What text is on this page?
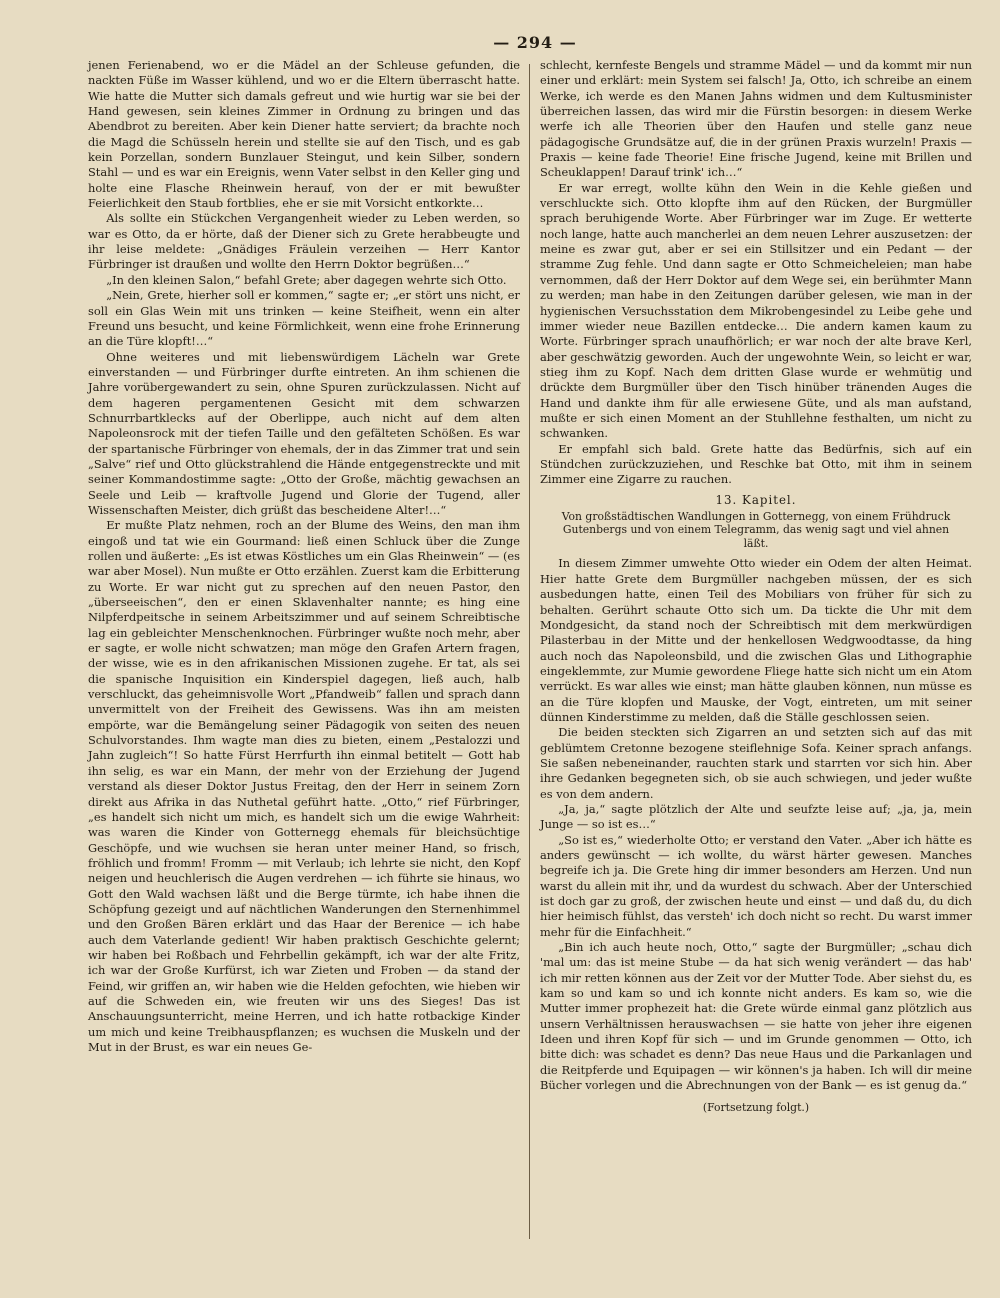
— 294 —

jenen Ferienabend, wo er die Mädel an der Schleuse gefunden, die nackten Füße im Wasser kühlend, und wo er die Eltern überrascht hatte. Wie hatte die Mutter sich damals gefreut und wie hurtig war sie bei der Hand gewesen, sein kleines Zimmer in Ordnung zu bringen und das Abendbrot zu bereiten. Aber kein Diener hatte serviert; da brachte noch die Magd die Schüsseln herein und stellte sie auf den Tisch, und es gab kein Porzellan, sondern Bunzlauer Steingut, und kein Silber, sondern Stahl — und es war ein Ereignis, wenn Vater selbst in den Keller ging und holte eine Flasche Rheinwein herauf, von der er mit bewußter Feierlichkeit den Staub fortblies, ehe er sie mit Vorsicht entkorkte…

Als sollte ein Stückchen Vergangenheit wieder zu Leben werden, so war es Otto, da er hörte, daß der Diener sich zu Grete herabbeugte und ihr leise meldete: „Gnädiges Fräulein verzeihen — Herr Kantor Fürbringer ist draußen und wollte den Herrn Doktor begrüßen…“

„In den kleinen Salon,“ befahl Grete; aber dagegen wehrte sich Otto.

„Nein, Grete, hierher soll er kommen,“ sagte er; „er stört uns nicht, er soll ein Glas Wein mit uns trinken — keine Steifheit, wenn ein alter Freund uns besucht, und keine Förmlichkeit, wenn eine frohe Erinnerung an die Türe klopft!…“

Ohne weiteres und mit liebenswürdigem Lächeln war Grete einverstanden — und Fürbringer durfte eintreten. An ihm schienen die Jahre vorübergewandert zu sein, ohne Spuren zurückzulassen. Nicht auf dem hageren pergamentenen Gesicht mit dem schwarzen Schnurrbartklecks auf der Oberlippe, auch nicht auf dem alten Napoleonsrock mit der tiefen Taille und den gefälteten Schößen. Es war der spartanische Fürbringer von ehemals, der in das Zimmer trat und sein „Salve“ rief und Otto glückstrahlend die Hände entgegenstreckte und mit seiner Kommandostimme sagte: „Otto der Große, mächtig gewachsen an Seele und Leib — kraftvolle Jugend und Glorie der Tugend, aller Wissenschaften Meister, dich grüßt das bescheidene Alter!…“

Er mußte Platz nehmen, roch an der Blume des Weins, den man ihm eingoß und tat wie ein Gourmand: ließ einen Schluck über die Zunge rollen und äußerte: „Es ist etwas Köstliches um ein Glas Rheinwein“ — (es war aber Mosel). Nun mußte er Otto erzählen. Zuerst kam die Erbitterung zu Worte. Er war nicht gut zu sprechen auf den neuen Pastor, den „überseeischen“, den er einen Sklavenhalter nannte; es hing eine Nilpferdpeitsche in seinem Arbeitszimmer und auf seinem Schreibtische lag ein gebleichter Menschenknochen. Fürbringer wußte noch mehr, aber er sagte, er wolle nicht schwatzen; man möge den Grafen Artern fragen, der wisse, wie es in den afrikanischen Missionen zugehe. Er tat, als sei die spanische Inquisition ein Kinderspiel dagegen, ließ auch, halb verschluckt, das geheimnisvolle Wort „Pfandweib“ fallen und sprach dann unvermittelt von der Freiheit des Gewissens. Was ihn am meisten empörte, war die Bemängelung seiner Pädagogik von seiten des neuen Schulvorstandes. Ihm wagte man dies zu bieten, einem „Pestalozzi und Jahn zugleich“! So hatte Fürst Herrfurth ihn einmal betitelt — Gott hab ihn selig, es war ein Mann, der mehr von der Erziehung der Jugend verstand als dieser Doktor Justus Freitag, den der Herr in seinem Zorn direkt aus Afrika in das Nuthetal geführt hatte. „Otto,“ rief Fürbringer, „es handelt sich nicht um mich, es handelt sich um die ewige Wahrheit: was waren die Kinder von Gotternegg ehemals für bleichsüchtige Geschöpfe, und wie wuchsen sie heran unter meiner Hand, so frisch, fröhlich und fromm! Fromm — mit Verlaub; ich lehrte sie nicht, den Kopf neigen und heuchlerisch die Augen verdrehen — ich führte sie hinaus, wo Gott den Wald wachsen läßt und die Berge türmte, ich habe ihnen die Schöpfung gezeigt und auf nächtlichen Wanderungen den Sternenhimmel und den Großen Bären erklärt und das Haar der Berenice — ich habe auch dem Vaterlande gedient! Wir haben praktisch Geschichte gelernt; wir haben bei Roßbach und Fehrbellin gekämpft, ich war der alte Fritz, ich war der Große Kurfürst, ich war Zieten und Froben — da stand der Feind, wir griffen an, wir haben wie die Helden gefochten, wie hieben wir auf die Schweden ein, wie freuten wir uns des Sieges! Das ist Anschauungsunterricht, meine Herren, und ich hatte rotbackige Kinder um mich und keine Treibhauspflanzen; es wuchsen die Muskeln und der Mut in der Brust, es war ein neues Ge-

schlecht, kernfeste Bengels und stramme Mädel — und da kommt mir nun einer und erklärt: mein System sei falsch! Ja, Otto, ich schreibe an einem Werke, ich werde es den Manen Jahns widmen und dem Kultusminister überreichen lassen, das wird mir die Fürstin besorgen: in diesem Werke werfe ich alle Theorien über den Haufen und stelle ganz neue pädagogische Grundsätze auf, die in der grünen Praxis wurzeln! Praxis — Praxis — keine fade Theorie! Eine frische Jugend, keine mit Brillen und Scheuklappen! Darauf trink' ich…“

Er war erregt, wollte kühn den Wein in die Kehle gießen und verschluckte sich. Otto klopfte ihm auf den Rücken, der Burgmüller sprach beruhigende Worte. Aber Fürbringer war im Zuge. Er wetterte noch lange, hatte auch mancherlei an dem neuen Lehrer auszusetzen: der meine es zwar gut, aber er sei ein Stillsitzer und ein Pedant — der stramme Zug fehle. Und dann sagte er Otto Schmeicheleien; man habe vernommen, daß der Herr Doktor auf dem Wege sei, ein berühmter Mann zu werden; man habe in den Zeitungen darüber gelesen, wie man in der hygienischen Versuchsstation dem Mikrobengesindel zu Leibe gehe und immer wieder neue Bazillen entdecke… Die andern kamen kaum zu Worte. Fürbringer sprach unaufhörlich; er war noch der alte brave Kerl, aber geschwätzig geworden. Auch der ungewohnte Wein, so leicht er war, stieg ihm zu Kopf. Nach dem dritten Glase wurde er wehmütig und drückte dem Burgmüller über den Tisch hinüber tränenden Auges die Hand und dankte ihm für alle erwiesene Güte, und als man aufstand, mußte er sich einen Moment an der Stuhllehne festhalten, um nicht zu schwanken.

Er empfahl sich bald. Grete hatte das Bedürfnis, sich auf ein Stündchen zurückzuziehen, und Reschke bat Otto, mit ihm in seinem Zimmer eine Zigarre zu rauchen.

13. Kapitel.
Von großstädtischen Wandlungen in Gotternegg, von einem Frühdruck Gutenbergs und von einem Telegramm, das wenig sagt und viel ahnen läßt.

In diesem Zimmer umwehte Otto wieder ein Odem der alten Heimat. Hier hatte Grete dem Burgmüller nachgeben müssen, der es sich ausbedungen hatte, einen Teil des Mobiliars von früher für sich zu behalten. Gerührt schaute Otto sich um. Da tickte die Uhr mit dem Mondgesicht, da stand noch der Schreibtisch mit dem merkwürdigen Pilasterbau in der Mitte und der henkellosen Wedgwoodtasse, da hing auch noch das Napoleonsbild, und die zwischen Glas und Lithographie eingeklemmte, zur Mumie gewordene Fliege hatte sich nicht um ein Atom verrückt. Es war alles wie einst; man hätte glauben können, nun müsse es an die Türe klopfen und Mauske, der Vogt, eintreten, um mit seiner dünnen Kinderstimme zu melden, daß die Ställe geschlossen seien.

Die beiden steckten sich Zigarren an und setzten sich auf das mit geblümtem Cretonne bezogene steiflehnige Sofa. Keiner sprach anfangs. Sie saßen nebeneinander, rauchten stark und starrten vor sich hin. Aber ihre Gedanken begegneten sich, ob sie auch schwiegen, und jeder wußte es von dem andern.

„Ja, ja,“ sagte plötzlich der Alte und seufzte leise auf; „ja, ja, mein Junge — so ist es…“

„So ist es,“ wiederholte Otto; er verstand den Vater. „Aber ich hätte es anders gewünscht — ich wollte, du wärst härter gewesen. Manches begreife ich ja. Die Grete hing dir immer besonders am Herzen. Und nun warst du allein mit ihr, und da wurdest du schwach. Aber der Unterschied ist doch gar zu groß, der zwischen heute und einst — und daß du, du dich hier heimisch fühlst, das versteh' ich doch nicht so recht. Du warst immer mehr für die Einfachheit.“

„Bin ich auch heute noch, Otto,“ sagte der Burgmüller; „schau dich 'mal um: das ist meine Stube — da hat sich wenig verändert — das hab' ich mir retten können aus der Zeit vor der Mutter Tode. Aber siehst du, es kam so und kam so und ich konnte nicht anders. Es kam so, wie die Mutter immer prophezeit hat: die Grete würde einmal ganz plötzlich aus unsern Verhältnissen herauswachsen — sie hatte von jeher ihre eigenen Ideen und ihren Kopf für sich — und im Grunde genommen — Otto, ich bitte dich: was schadet es denn? Das neue Haus und die Parkanlagen und die Reitpferde und Equipagen — wir können's ja haben. Ich will dir meine Bücher vorlegen und die Abrechnungen von der Bank — es ist genug da.“

(Fortsetzung folgt.)
